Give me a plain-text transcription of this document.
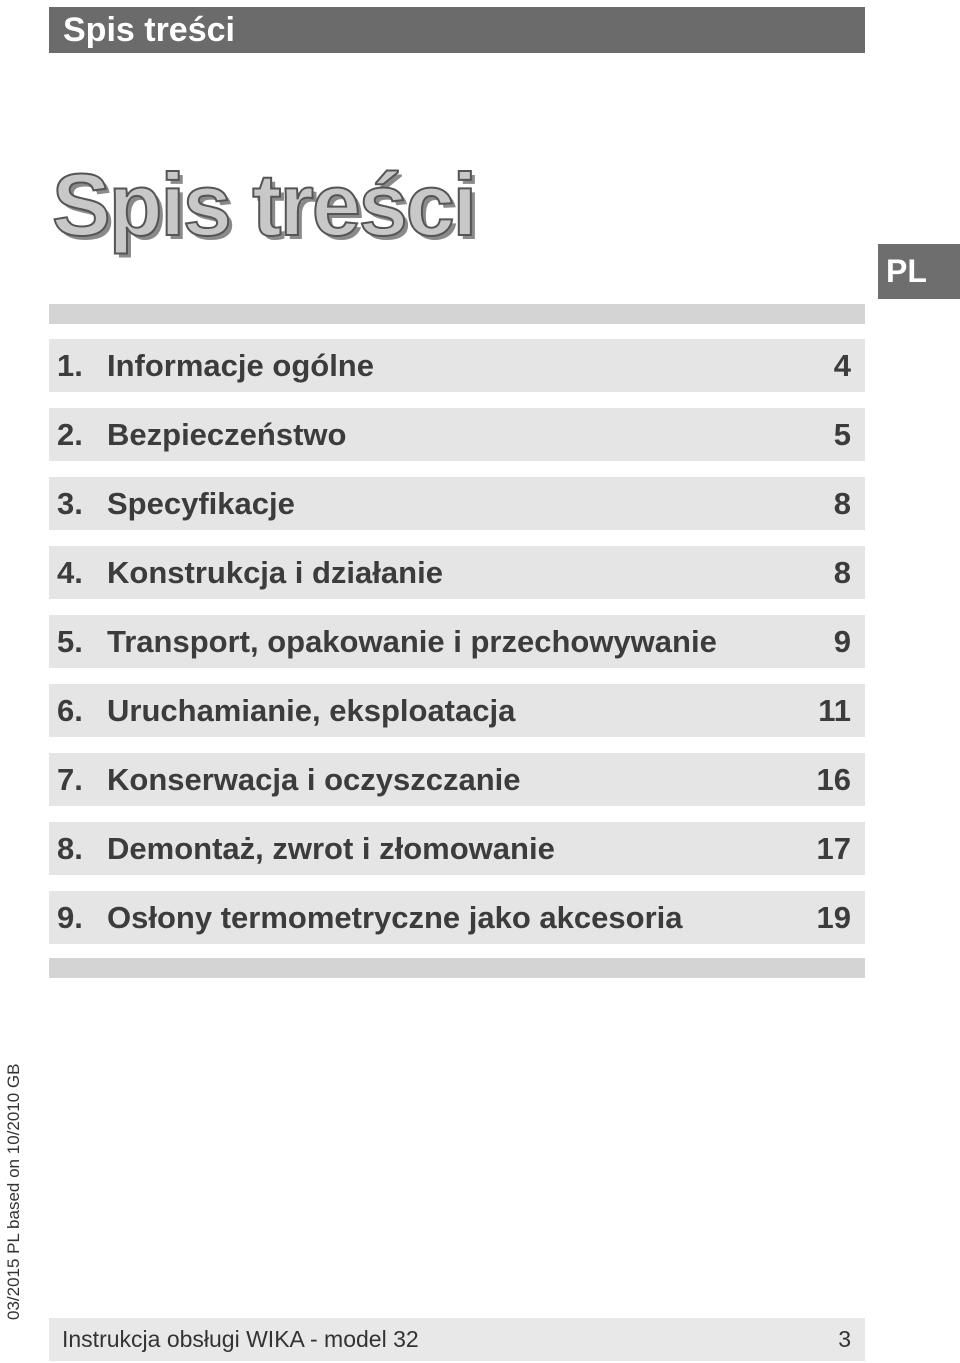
Spis treści
Spis treści
PL
1. Informacje ogólne	4
2. Bezpieczeństwo	5
3. Specyfikacje	8
4. Konstrukcja i działanie	8
5. Transport, opakowanie i przechowywanie	9
6. Uruchamianie, eksploatacja	11
7. Konserwacja i oczyszczanie	16
8. Demontaż, zwrot i złomowanie	17
9. Osłony termometryczne jako akcesoria	19
03/2015 PL based on 10/2010 GB
Instrukcja obsługi WIKA - model 32	3
